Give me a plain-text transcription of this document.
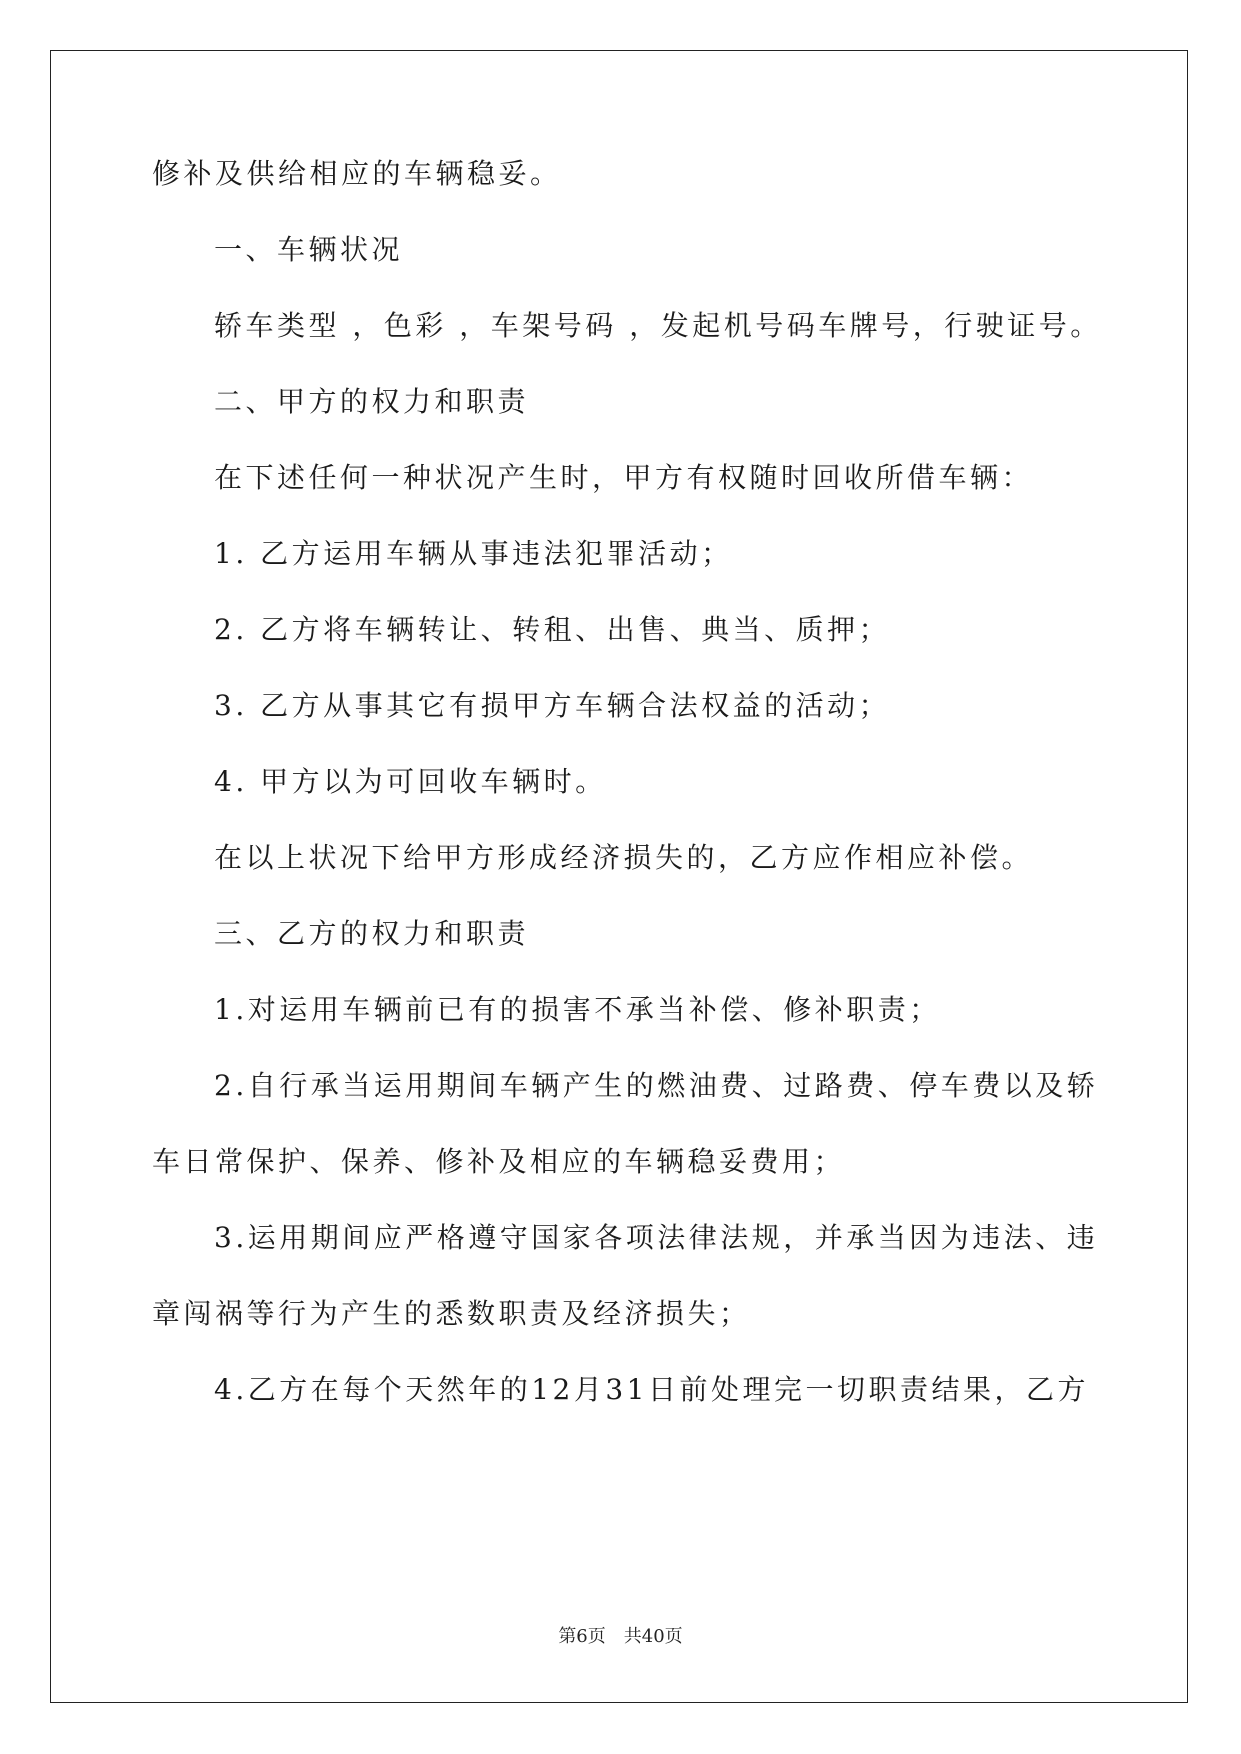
修补及供给相应的车辆稳妥。

一、车辆状况

轿车类型 ，色彩 ，车架号码 ，发起机号码车牌号，行驶证号。

二、甲方的权力和职责

在下述任何一种状况产生时，甲方有权随时回收所借车辆：

1. 乙方运用车辆从事违法犯罪活动；

2. 乙方将车辆转让、转租、出售、典当、质押；

3. 乙方从事其它有损甲方车辆合法权益的活动；

4. 甲方以为可回收车辆时。

在以上状况下给甲方形成经济损失的，乙方应作相应补偿。

三、乙方的权力和职责

1.对运用车辆前已有的损害不承当补偿、修补职责；

2.自行承当运用期间车辆产生的燃油费、过路费、停车费以及轿

车日常保护、保养、修补及相应的车辆稳妥费用；

3.运用期间应严格遵守国家各项法律法规，并承当因为违法、违

章闯祸等行为产生的悉数职责及经济损失；

4.乙方在每个天然年的12月31日前处理完一切职责结果，乙方

第6页　共40页
